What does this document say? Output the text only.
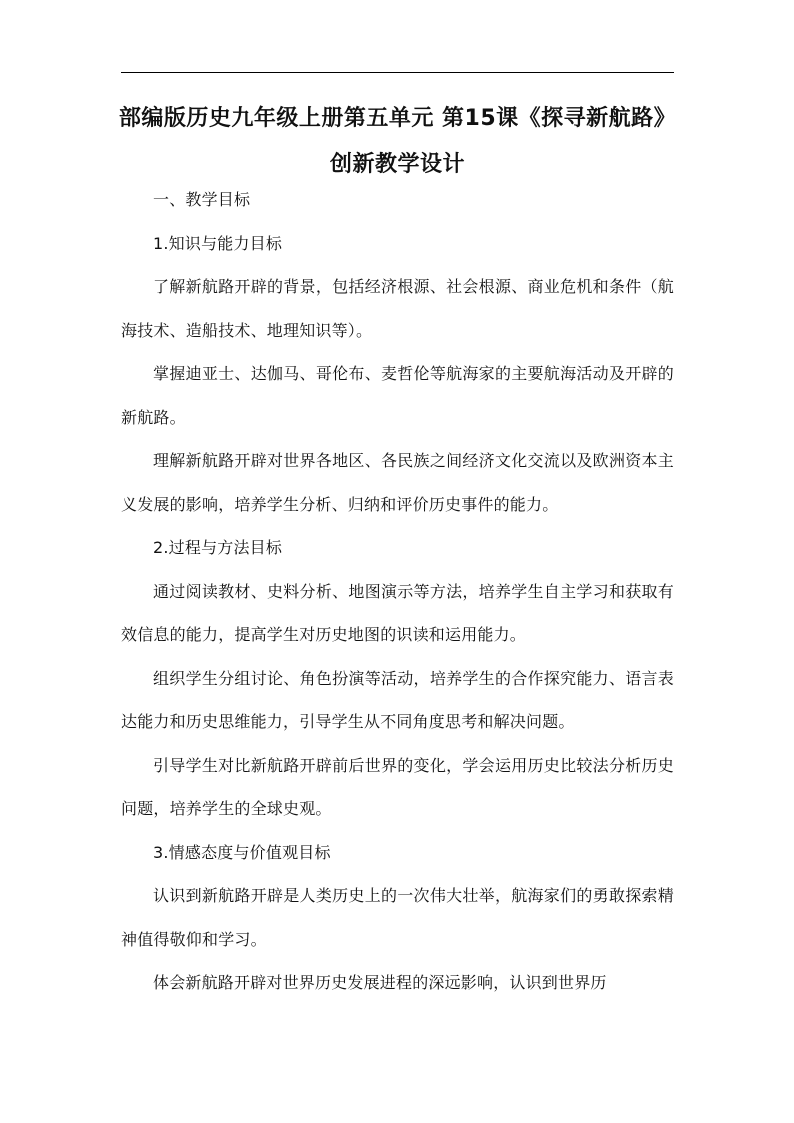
部编版历史九年级上册第五单元 第15课《探寻新航路》创新教学设计

一、教学目标

1.知识与能力目标

了解新航路开辟的背景，包括经济根源、社会根源、商业危机和条件（航海技术、造船技术、地理知识等）。

掌握迪亚士、达伽马、哥伦布、麦哲伦等航海家的主要航海活动及开辟的新航路。

理解新航路开辟对世界各地区、各民族之间经济文化交流以及欧洲资本主义发展的影响，培养学生分析、归纳和评价历史事件的能力。

2.过程与方法目标

通过阅读教材、史料分析、地图演示等方法，培养学生自主学习和获取有效信息的能力，提高学生对历史地图的识读和运用能力。

组织学生分组讨论、角色扮演等活动，培养学生的合作探究能力、语言表达能力和历史思维能力，引导学生从不同角度思考和解决问题。

引导学生对比新航路开辟前后世界的变化，学会运用历史比较法分析历史问题，培养学生的全球史观。

3.情感态度与价值观目标

认识到新航路开辟是人类历史上的一次伟大壮举，航海家们的勇敢探索精神值得敬仰和学习。

体会新航路开辟对世界历史发展进程的深远影响，认识到世界历
